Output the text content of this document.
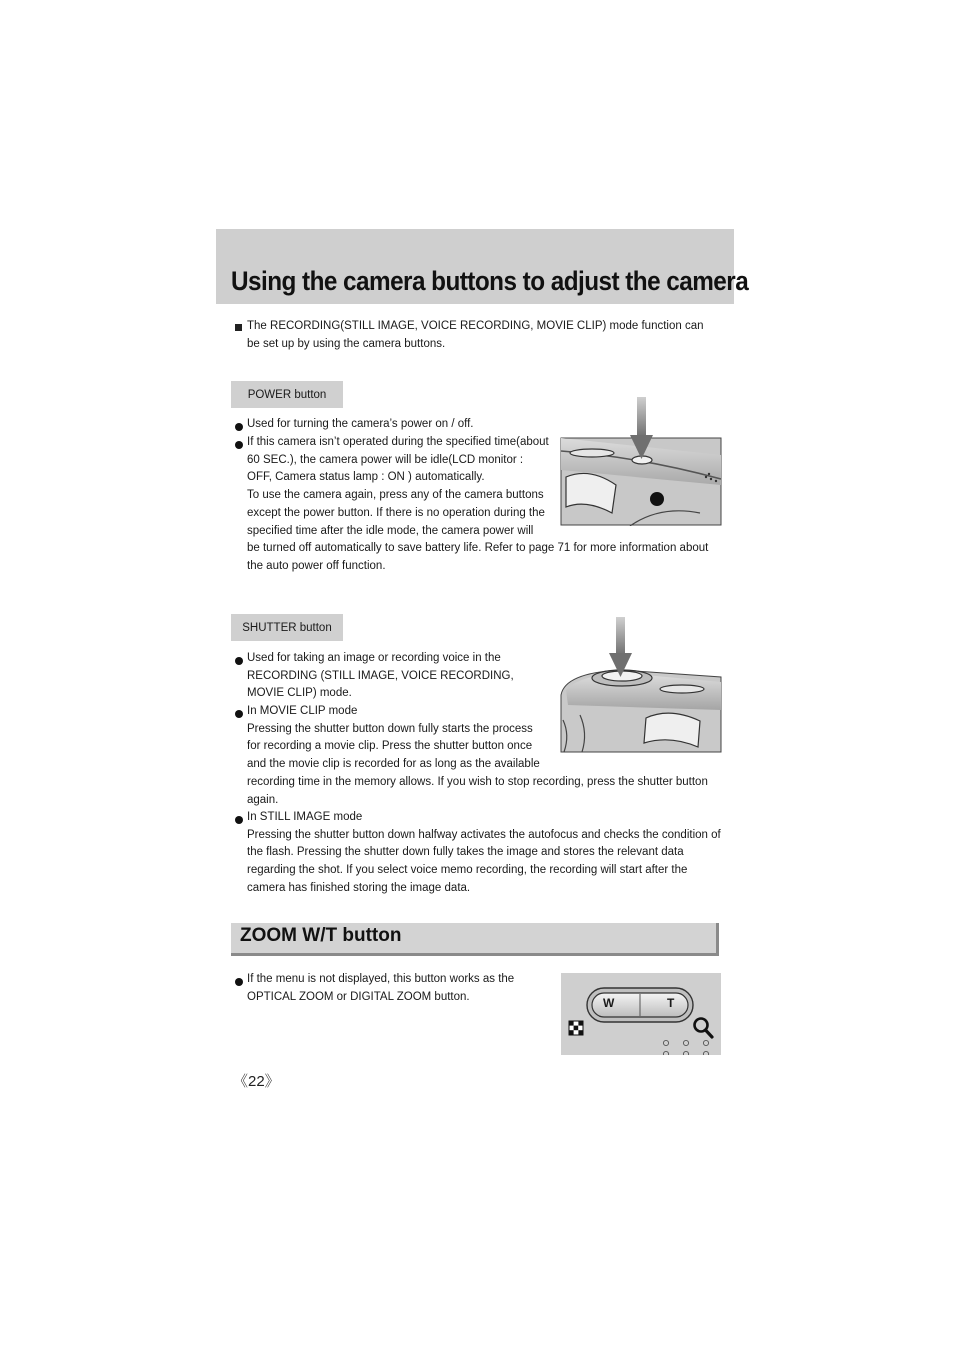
Using the camera buttons to adjust the camera
The RECORDING(STILL IMAGE, VOICE RECORDING, MOVIE CLIP) mode function can
be set up by using the camera buttons.
POWER button
Used for turning the camera’s power on / off.
If this camera isn’t operated during the specified time(about
60 SEC.), the camera power will be idle(LCD monitor :
OFF, Camera status lamp : ON ) automatically.
To use the camera again, press any of the camera buttons
except the power button. If there is no operation during the
specified time after the idle mode, the camera power will
be turned off automatically to save battery life. Refer to page 71 for more information about
the auto power off function.
SHUTTER button
Used for taking an image or recording voice in the
RECORDING (STILL IMAGE, VOICE RECORDING,
MOVIE CLIP) mode.
In MOVIE CLIP mode
Pressing the shutter button down fully starts the process
for recording a movie clip. Press the shutter button once
and the movie clip is recorded for as long as the available
recording time in the memory allows. If you wish to stop recording, press the shutter button
again.
In STILL IMAGE mode
Pressing the shutter button down halfway activates the autofocus and checks the condition of
the flash. Pressing the shutter down fully takes the image and stores the relevant data
regarding the shot. If you select voice memo recording, the recording will start after the
camera has finished storing the image data.
ZOOM W/T button
If the menu is not displayed, this button works as the
OPTICAL ZOOM or DIGITAL ZOOM button.	W	T
《22》
